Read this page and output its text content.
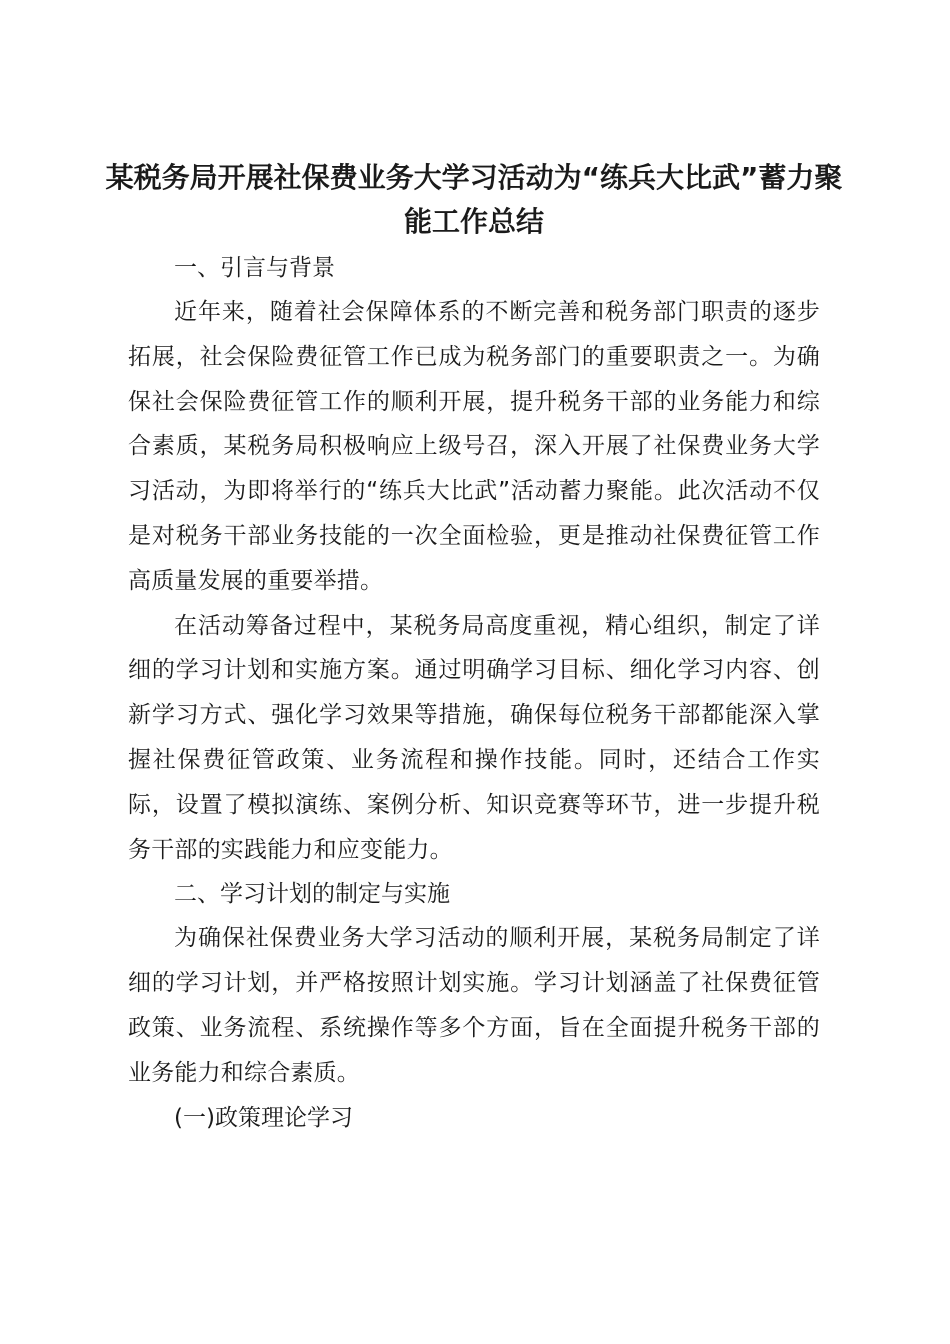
某税务局开展社保费业务大学习活动为“练兵大比武”蓄力聚能工作总结
一、引言与背景

近年来，随着社会保障体系的不断完善和税务部门职责的逐步拓展，社会保险费征管工作已成为税务部门的重要职责之一。为确保社会保险费征管工作的顺利开展，提升税务干部的业务能力和综合素质，某税务局积极响应上级号召，深入开展了社保费业务大学习活动，为即将举行的“练兵大比武”活动蓄力聚能。此次活动不仅是对税务干部业务技能的一次全面检验，更是推动社保费征管工作高质量发展的重要举措。

在活动筹备过程中，某税务局高度重视，精心组织，制定了详细的学习计划和实施方案。通过明确学习目标、细化学习内容、创新学习方式、强化学习效果等措施，确保每位税务干部都能深入掌握社保费征管政策、业务流程和操作技能。同时，还结合工作实际，设置了模拟演练、案例分析、知识竞赛等环节，进一步提升税务干部的实践能力和应变能力。

二、学习计划的制定与实施

为确保社保费业务大学习活动的顺利开展，某税务局制定了详细的学习计划，并严格按照计划实施。学习计划涵盖了社保费征管政策、业务流程、系统操作等多个方面，旨在全面提升税务干部的业务能力和综合素质。

(一)政策理论学习
